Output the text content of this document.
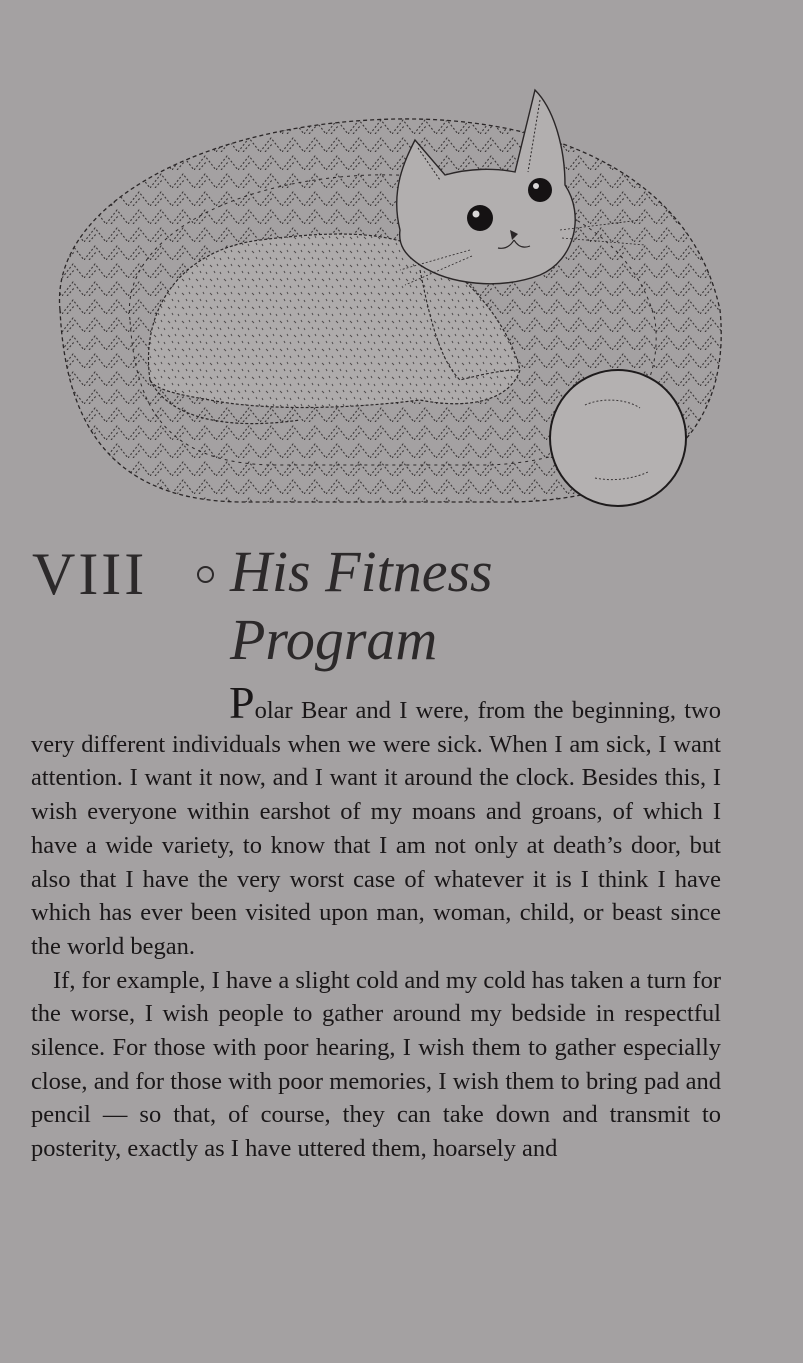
VIII His Fitness
Program

Polar Bear and I were, from the beginning, two very different individuals when we were sick. When I am sick, I want attention. I want it now, and I want it around the clock. Besides this, I wish everyone within earshot of my moans and groans, of which I have a wide variety, to know that I am not only at death’s door, but also that I have the very worst case of whatever it is I think I have which has ever been visited upon man, woman, child, or beast since the world began.

If, for example, I have a slight cold and my cold has taken a turn for the worse, I wish people to gather around my bedside in respectful silence. For those with poor hearing, I wish them to gather especially close, and for those with poor memories, I wish them to bring pad and pencil — so that, of course, they can take down and transmit to posterity, exactly as I have uttered them, hoarsely and
